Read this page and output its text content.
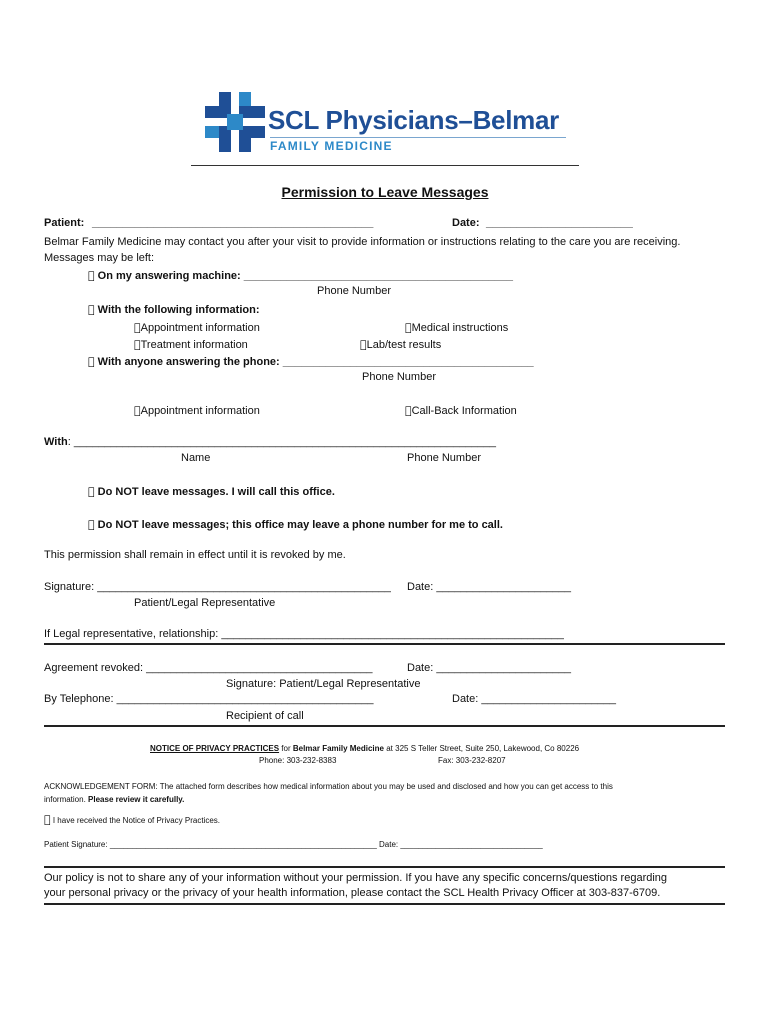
SCL Physicians–Belmar
FAMILY MEDICINE
Permission to Leave Messages
Patient: ______________________________________________	Date: ________________________
Belmar Family Medicine may contact you after your visit to provide information or instructions relating to the care you are receiving.
Messages may be left:
On my answering machine: ____________________________________________
Phone Number
With the following information:
Appointment information	Medical instructions
Treatment information	Lab/test results
With anyone answering the phone: _________________________________________
Phone Number
Appointment information	Call-Back Information
With: _____________________________________________________________________
Name	Phone Number
Do NOT leave messages. I will call this office.
Do NOT leave messages; this office may leave a phone number for me to call.
This permission shall remain in effect until it is revoked by me.
Signature: ________________________________________________ Date: ______________________
Patient/Legal Representative
If Legal representative, relationship: ________________________________________________________
Agreement revoked: _____________________________________	Date: ______________________
Signature: Patient/Legal Representative
By Telephone: __________________________________________	Date: ______________________
Recipient of call
NOTICE OF PRIVACY PRACTICES for Belmar Family Medicine at 325 S Teller Street, Suite 250, Lakewood, Co 80226
Phone: 303-232-8383	Fax: 303-232-8207
ACKNOWLEDGEMENT FORM: The attached form describes how medical information about you may be used and disclosed and how you can get access to this
information. Please review it carefully.
I have received the Notice of Privacy Practices.
Patient Signature: ____________________________________________________________ Date: ________________________________
Our policy is not to share any of your information without your permission. If you have any specific concerns/questions regarding
your personal privacy or the privacy of your health information, please contact the SCL Health Privacy Officer at 303-837-6709.
